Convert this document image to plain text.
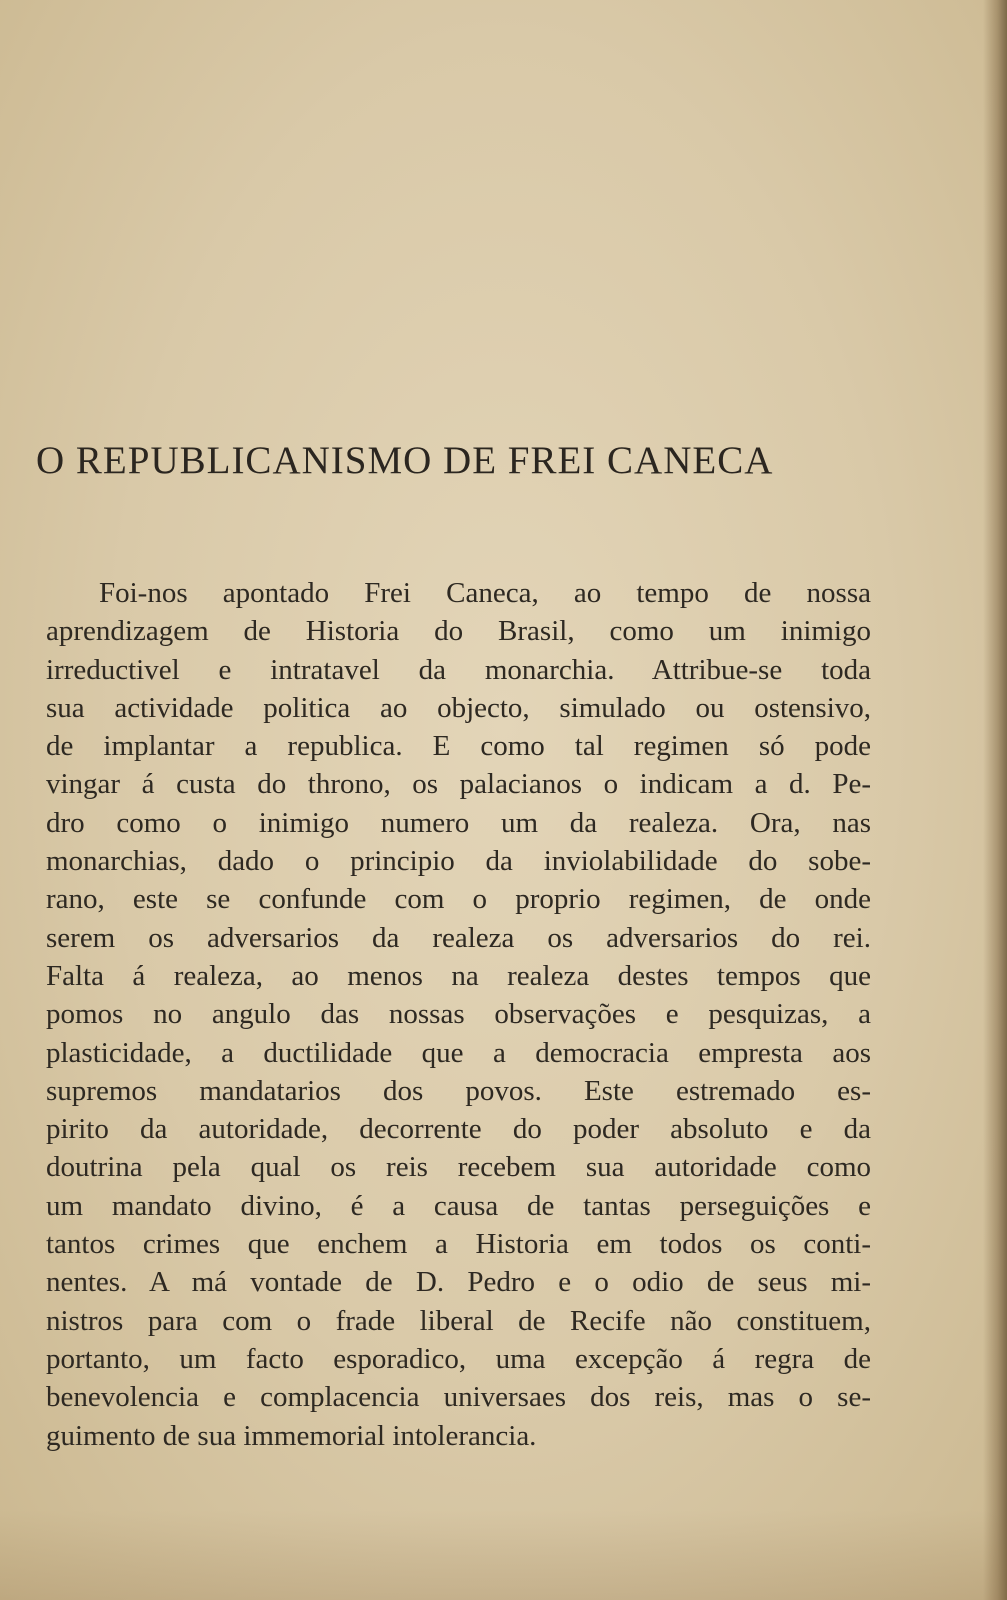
O REPUBLICANISMO DE FREI CANECA
Foi-nos apontado Frei Caneca, ao tempo de nossa
aprendizagem de Historia do Brasil, como um inimigo
irreductivel e intratavel da monarchia. Attribue-se toda
sua actividade politica ao objecto, simulado ou ostensivo,
de implantar a republica. E como tal regimen só pode
vingar á custa do throno, os palacianos o indicam a d. Pe-
dro como o inimigo numero um da realeza. Ora, nas
monarchias, dado o principio da inviolabilidade do sobe-
rano, este se confunde com o proprio regimen, de onde
serem os adversarios da realeza os adversarios do rei.
Falta á realeza, ao menos na realeza destes tempos que
pomos no angulo das nossas observações e pesquizas, a
plasticidade, a ductilidade que a democracia empresta aos
supremos mandatarios dos povos. Este estremado es-
pirito da autoridade, decorrente do poder absoluto e da
doutrina pela qual os reis recebem sua autoridade como
um mandato divino, é a causa de tantas perseguições e
tantos crimes que enchem a Historia em todos os conti-
nentes. A má vontade de D. Pedro e o odio de seus mi-
nistros para com o frade liberal de Recife não constituem,
portanto, um facto esporadico, uma excepção á regra de
benevolencia e complacencia universaes dos reis, mas o se-
guimento de sua immemorial intolerancia.
